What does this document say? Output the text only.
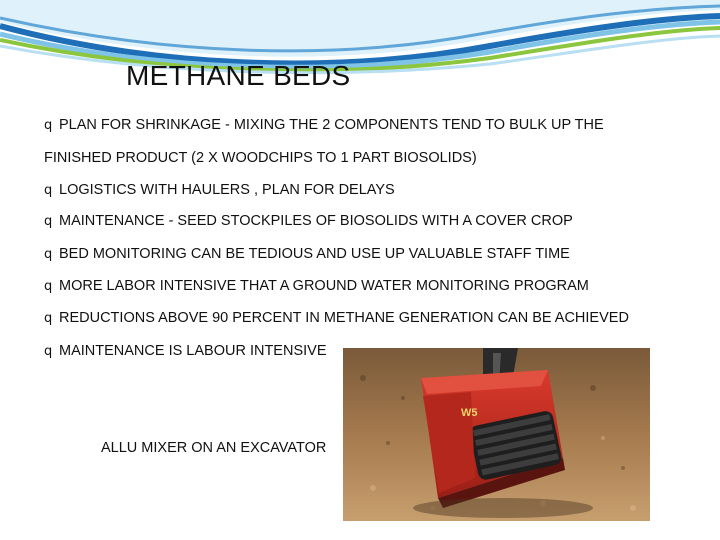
METHANE BEDS
q PLAN FOR SHRINKAGE - MIXING THE 2 COMPONENTS TEND TO BULK UP THE
FINISHED PRODUCT (2 X WOODCHIPS TO 1 PART BIOSOLIDS)
q LOGISTICS WITH HAULERS , PLAN FOR DELAYS
q MAINTENANCE - SEED STOCKPILES OF BIOSOLIDS WITH A COVER CROP
q BED MONITORING CAN BE TEDIOUS AND USE UP VALUABLE STAFF TIME
q MORE LABOR INTENSIVE THAT A GROUND WATER MONITORING PROGRAM
q REDUCTIONS ABOVE 90 PERCENT IN METHANE GENERATION CAN BE ACHIEVED
q MAINTENANCE IS LABOUR INTENSIVE
W5
ALLU MIXER ON AN EXCAVATOR
